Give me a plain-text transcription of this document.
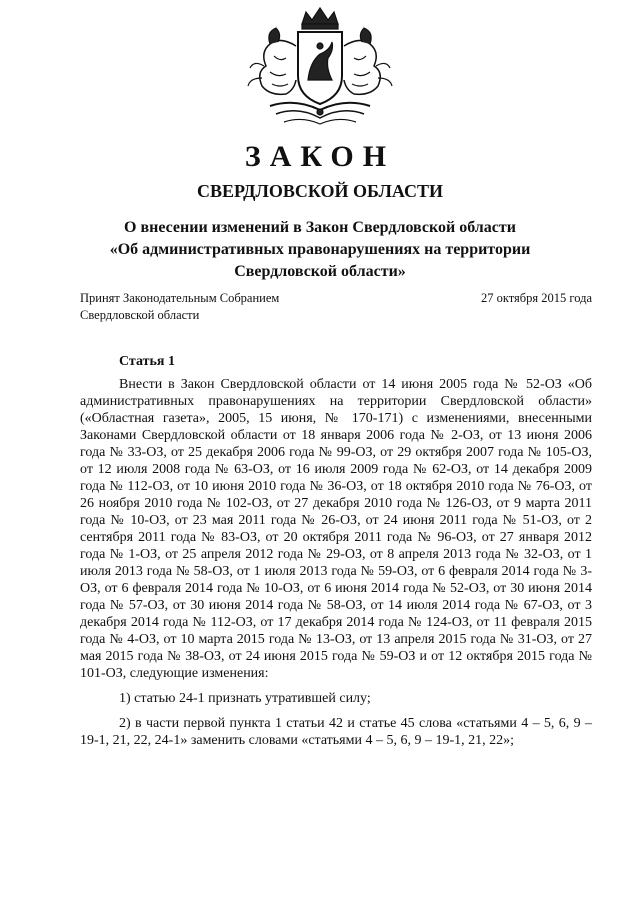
ЗАКОН
СВЕРДЛОВСКОЙ ОБЛАСТИ
О внесении изменений в Закон Свердловской области
«Об административных правонарушениях на территории
Свердловской области»
Принят Законодательным Собранием
Свердловской области
27 октября 2015 года
Статья 1

Внести в Закон Свердловской области от 14 июня 2005 года № 52-ОЗ «Об административных правонарушениях на территории Свердловской области» («Областная газета», 2005, 15 июня, № 170-171) с изменениями, внесенными Законами Свердловской области от 18 января 2006 года № 2-ОЗ, от 13 июня 2006 года № 33-ОЗ, от 25 декабря 2006 года № 99-ОЗ, от 29 октября 2007 года № 105-ОЗ, от 12 июля 2008 года № 63-ОЗ, от 16 июля 2009 года № 62-ОЗ, от 14 декабря 2009 года № 112-ОЗ, от 10 июня 2010 года № 36-ОЗ, от 18 октября 2010 года № 76-ОЗ, от 26 ноября 2010 года № 102-ОЗ, от 27 декабря 2010 года № 126-ОЗ, от 9 марта 2011 года № 10-ОЗ, от 23 мая 2011 года № 26-ОЗ, от 24 июня 2011 года № 51-ОЗ, от 2 сентября 2011 года № 83-ОЗ, от 20 октября 2011 года № 96-ОЗ, от 27 января 2012 года № 1-ОЗ, от 25 апреля 2012 года № 29-ОЗ, от 8 апреля 2013 года № 32-ОЗ, от 1 июля 2013 года № 58-ОЗ, от 1 июля 2013 года № 59-ОЗ, от 6 февраля 2014 года № 3-ОЗ, от 6 февраля 2014 года № 10-ОЗ, от 6 июня 2014 года № 52-ОЗ, от 30 июня 2014 года № 57-ОЗ, от 30 июня 2014 года № 58-ОЗ, от 14 июля 2014 года № 67-ОЗ, от 3 декабря 2014 года № 112-ОЗ, от 17 декабря 2014 года № 124-ОЗ, от 11 февраля 2015 года № 4-ОЗ, от 10 марта 2015 года № 13-ОЗ, от 13 апреля 2015 года № 31-ОЗ, от 27 мая 2015 года № 38-ОЗ, от 24 июня 2015 года № 59-ОЗ и от 12 октября 2015 года № 101-ОЗ, следующие изменения:

1) статью 24-1 признать утратившей силу;

2) в части первой пункта 1 статьи 42 и статье 45 слова «статьями 4 – 5, 6, 9 – 19-1, 21, 22, 24-1» заменить словами «статьями 4 – 5, 6, 9 – 19-1, 21, 22»;
